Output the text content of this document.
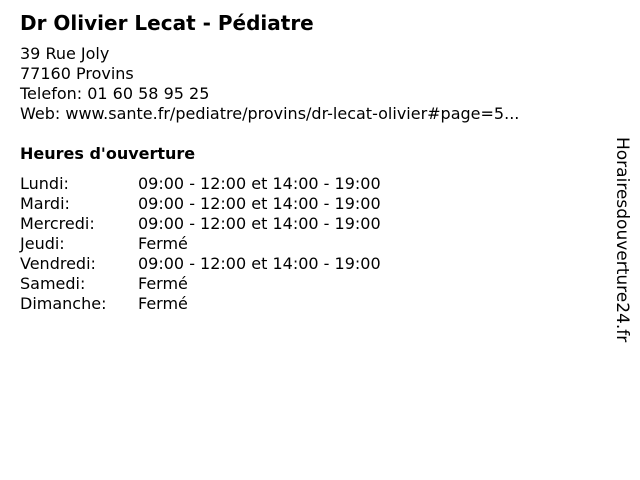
Dr Olivier Lecat - Pédiatre
39 Rue Joly
77160 Provins
Telefon: 01 60 58 95 25
Web: www.sante.fr/pediatre/provins/dr-lecat-olivier#page=5...
Heures d'ouverture
Lundi:	09:00 - 12:00 et 14:00 - 19:00
Mardi:	09:00 - 12:00 et 14:00 - 19:00
Mercredi:	09:00 - 12:00 et 14:00 - 19:00
Jeudi:	Fermé
Vendredi:	09:00 - 12:00 et 14:00 - 19:00
Samedi:	Fermé
Dimanche:	Fermé	Horairesdouverture24.fr
